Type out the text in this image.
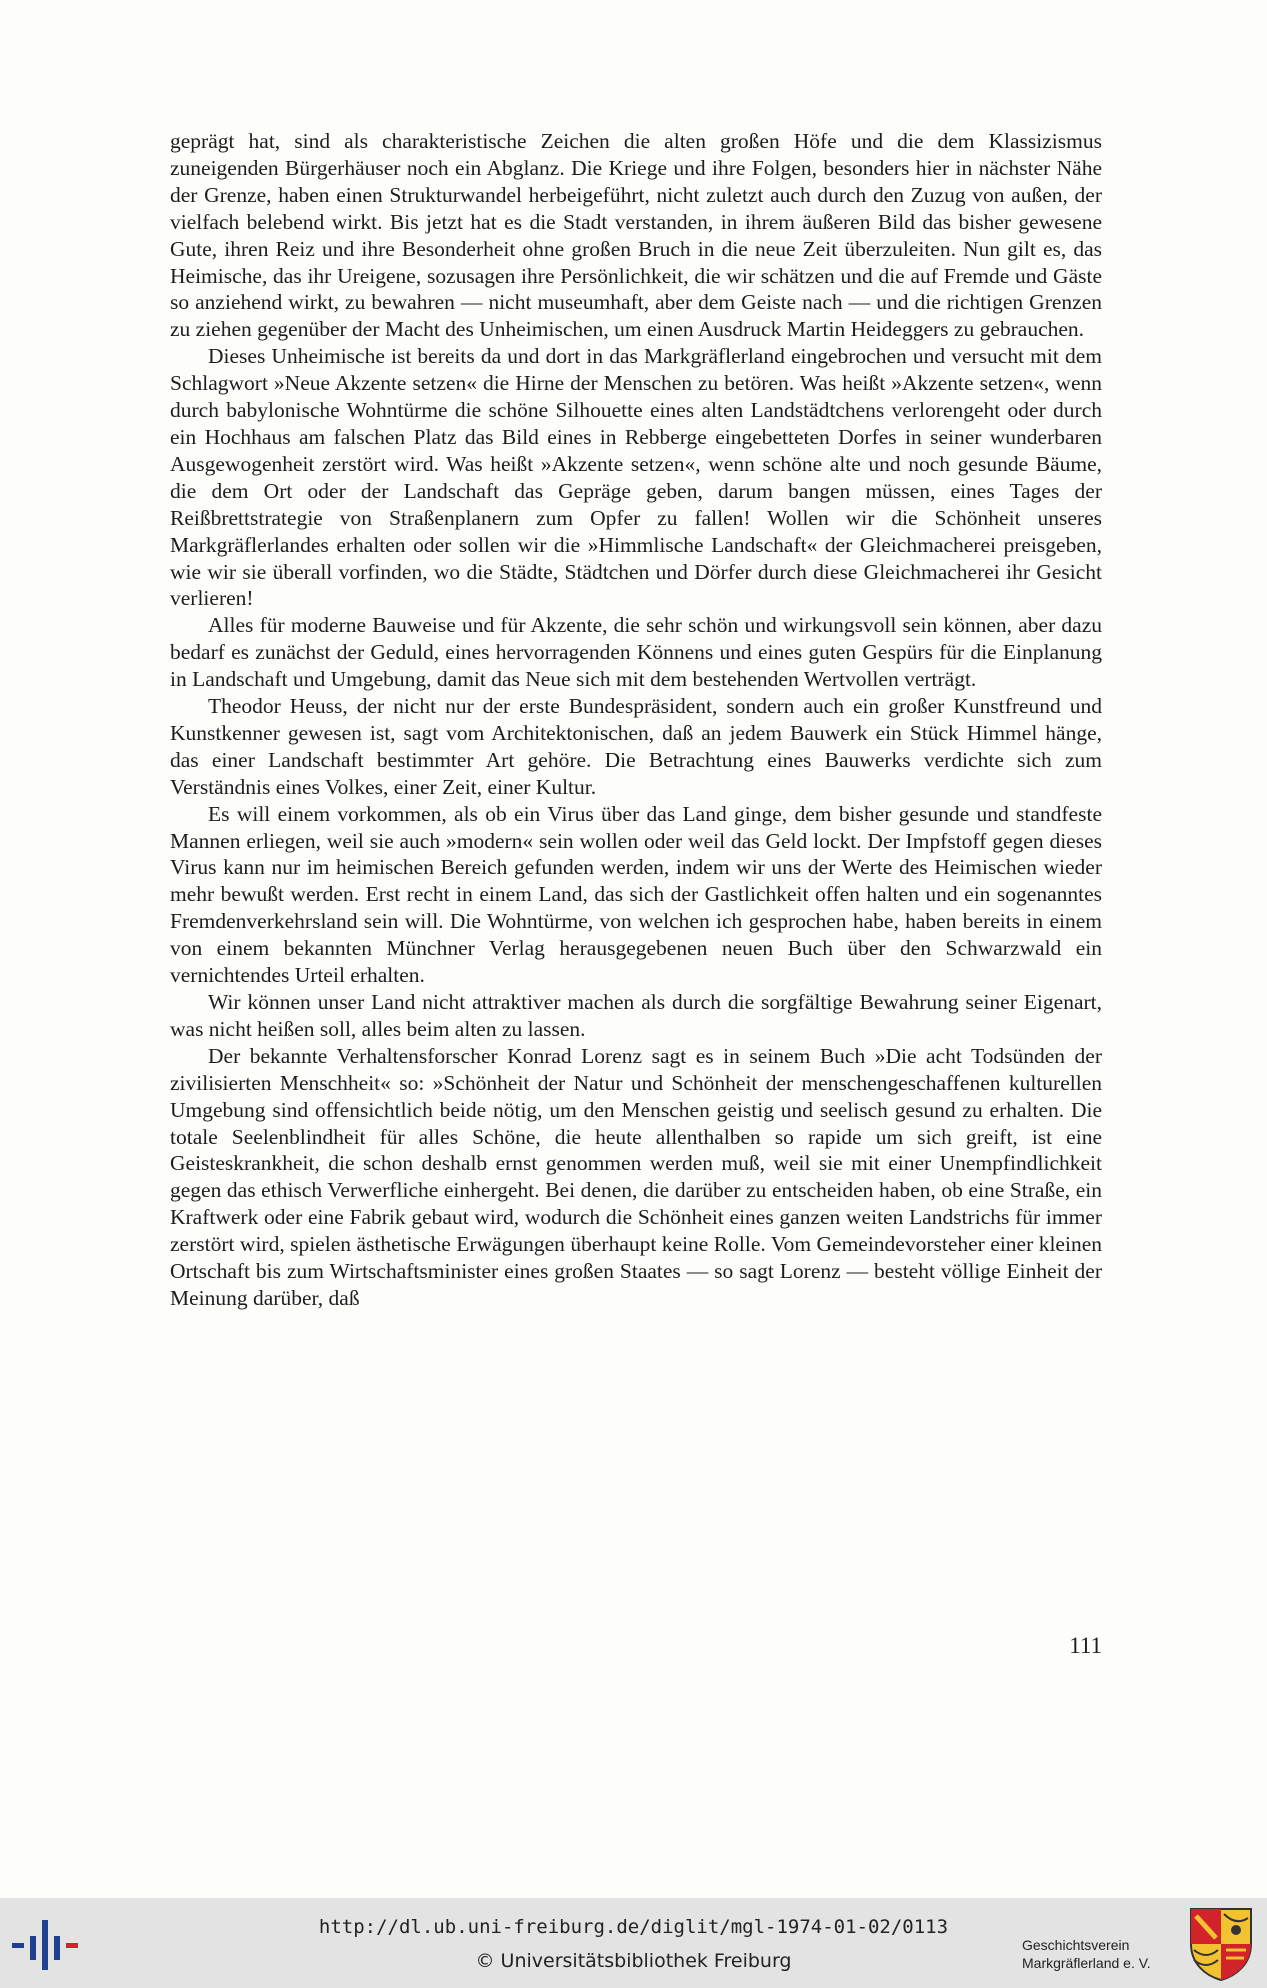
geprägt hat, sind als charakteristische Zeichen die alten großen Höfe und die dem Klassizismus zuneigenden Bürgerhäuser noch ein Abglanz. Die Kriege und ihre Folgen, besonders hier in nächster Nähe der Grenze, haben einen Strukturwandel herbeigeführt, nicht zuletzt auch durch den Zuzug von außen, der vielfach belebend wirkt. Bis jetzt hat es die Stadt verstanden, in ihrem äußeren Bild das bisher gewesene Gute, ihren Reiz und ihre Besonderheit ohne großen Bruch in die neue Zeit überzuleiten. Nun gilt es, das Heimische, das ihr Ureigene, sozusagen ihre Persönlichkeit, die wir schätzen und die auf Fremde und Gäste so anziehend wirkt, zu bewahren — nicht museumhaft, aber dem Geiste nach — und die richtigen Grenzen zu ziehen gegenüber der Macht des Unheimischen, um einen Ausdruck Martin Heideggers zu gebrauchen.

Dieses Unheimische ist bereits da und dort in das Markgräflerland eingebrochen und versucht mit dem Schlagwort »Neue Akzente setzen« die Hirne der Menschen zu betören. Was heißt »Akzente setzen«, wenn durch babylonische Wohntürme die schöne Silhouette eines alten Landstädtchens verlorengeht oder durch ein Hochhaus am falschen Platz das Bild eines in Rebberge eingebetteten Dorfes in seiner wunderbaren Ausgewogenheit zerstört wird. Was heißt »Akzente setzen«, wenn schöne alte und noch gesunde Bäume, die dem Ort oder der Landschaft das Gepräge geben, darum bangen müssen, eines Tages der Reißbrettstrategie von Straßenplanern zum Opfer zu fallen! Wollen wir die Schönheit unseres Markgräflerlandes erhalten oder sollen wir die »Himmlische Landschaft« der Gleichmacherei preisgeben, wie wir sie überall vorfinden, wo die Städte, Städtchen und Dörfer durch diese Gleichmacherei ihr Gesicht verlieren!

Alles für moderne Bauweise und für Akzente, die sehr schön und wirkungsvoll sein können, aber dazu bedarf es zunächst der Geduld, eines hervorragenden Könnens und eines guten Gespürs für die Einplanung in Landschaft und Umgebung, damit das Neue sich mit dem bestehenden Wertvollen verträgt.

Theodor Heuss, der nicht nur der erste Bundespräsident, sondern auch ein großer Kunstfreund und Kunstkenner gewesen ist, sagt vom Architektonischen, daß an jedem Bauwerk ein Stück Himmel hänge, das einer Landschaft bestimmter Art gehöre. Die Betrachtung eines Bauwerks verdichte sich zum Verständnis eines Volkes, einer Zeit, einer Kultur.

Es will einem vorkommen, als ob ein Virus über das Land ginge, dem bisher gesunde und standfeste Mannen erliegen, weil sie auch »modern« sein wollen oder weil das Geld lockt. Der Impfstoff gegen dieses Virus kann nur im heimischen Bereich gefunden werden, indem wir uns der Werte des Heimischen wieder mehr bewußt werden. Erst recht in einem Land, das sich der Gastlichkeit offen halten und ein sogenanntes Fremdenverkehrsland sein will. Die Wohntürme, von welchen ich gesprochen habe, haben bereits in einem von einem bekannten Münchner Verlag herausgegebenen neuen Buch über den Schwarzwald ein vernichtendes Urteil erhalten.

Wir können unser Land nicht attraktiver machen als durch die sorgfältige Bewahrung seiner Eigenart, was nicht heißen soll, alles beim alten zu lassen.

Der bekannte Verhaltensforscher Konrad Lorenz sagt es in seinem Buch »Die acht Todsünden der zivilisierten Menschheit« so: »Schönheit der Natur und Schönheit der menschengeschaffenen kulturellen Umgebung sind offensichtlich beide nötig, um den Menschen geistig und seelisch gesund zu erhalten. Die totale Seelenblindheit für alles Schöne, die heute allenthalben so rapide um sich greift, ist eine Geisteskrankheit, die schon deshalb ernst genommen werden muß, weil sie mit einer Unempfindlichkeit gegen das ethisch Verwerfliche einhergeht. Bei denen, die darüber zu entscheiden haben, ob eine Straße, ein Kraftwerk oder eine Fabrik gebaut wird, wodurch die Schönheit eines ganzen weiten Landstrichs für immer zerstört wird, spielen ästhetische Erwägungen überhaupt keine Rolle. Vom Gemeindevorsteher einer kleinen Ortschaft bis zum Wirtschaftsminister eines großen Staates — so sagt Lorenz — besteht völlige Einheit der Meinung darüber, daß

111
http://dl.ub.uni-freiburg.de/diglit/mgl-1974-01-02/0113
© Universitätsbibliothek Freiburg
Geschichtsverein
Markgräflerland e. V.
